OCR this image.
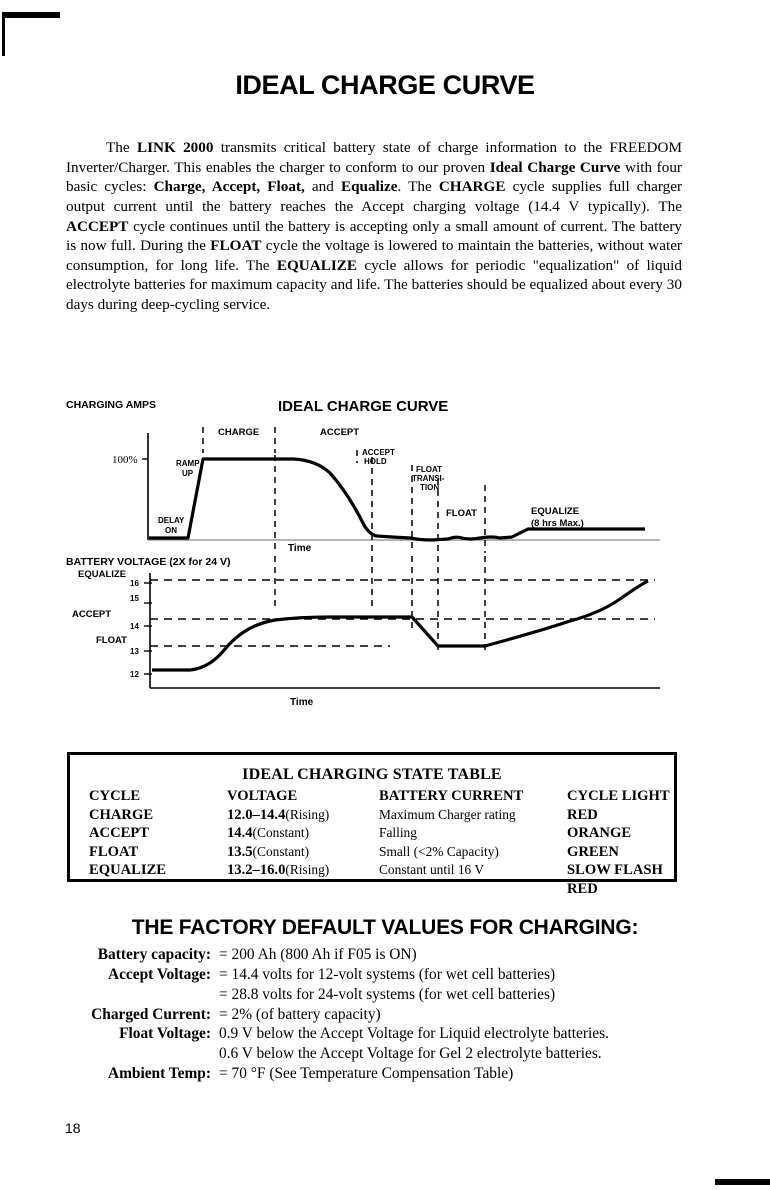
IDEAL CHARGE CURVE

The LINK 2000 transmits critical battery state of charge information to the FREEDOM Inverter/Charger. This enables the charger to conform to our proven Ideal Charge Curve with four basic cycles: Charge, Accept, Float, and Equalize. The CHARGE cycle supplies full charger output current until the battery reaches the Accept charging voltage (14.4 V typically). The ACCEPT cycle continues until the battery is accepting only a small amount of current. The battery is now full. During the FLOAT cycle the voltage is lowered to maintain the batteries, without water consumption, for long life. The EQUALIZE cycle allows for periodic "equalization" of liquid electrolyte batteries for maximum capacity and life. The batteries should be equalized about every 30 days during deep-cycling service.

CHARGING AMPS	IDEAL CHARGE CURVE
100%
CHARGE	ACCEPT
ACCEPT
HOLD
FLOAT
TRANSI-
TION
FLOAT	EQUALIZE
(8 hrs Max.)
RAMP
UP
DELAY
ON
Time
BATTERY VOLTAGE (2X for 24 V)
16
15
14
13
12
EQUALIZE
ACCEPT
FLOAT
Time
IDEAL CHARGING STATE TABLE
CYCLE	VOLTAGE	BATTERY CURRENT	CYCLE LIGHT
CHARGE	12.0–14.4(Rising)	Maximum Charger rating	RED
ACCEPT	14.4(Constant)	Falling	ORANGE
FLOAT	13.5(Constant)	Small (<2% Capacity)	GREEN
EQUALIZE	13.2–16.0(Rising)	Constant until 16 V	SLOW FLASH RED
THE FACTORY DEFAULT VALUES FOR CHARGING:
Battery capacity: = 200 Ah (800 Ah if F05 is ON)
Accept Voltage: = 14.4 volts for 12-volt systems (for wet cell batteries)
= 28.8 volts for 24-volt systems (for wet cell batteries)
Charged Current: = 2% (of battery capacity)
Float Voltage: 0.9 V below the Accept Voltage for Liquid electrolyte batteries.
0.6 V below the Accept Voltage for Gel 2 electrolyte batteries.
Ambient Temp: = 70 °F (See Temperature Compensation Table)
18
